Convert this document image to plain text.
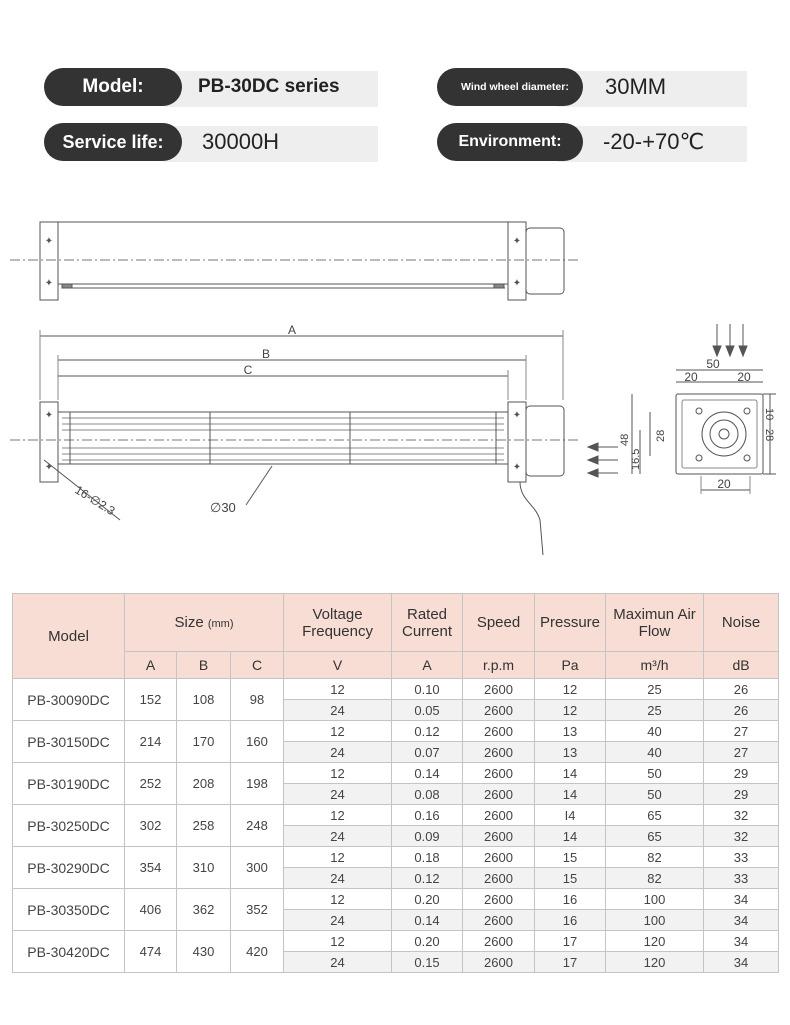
Model:	PB-30DC series	Wind wheel diameter:	30MM
Service life:	30000H	Environment:	-20-+70℃
✦
✦
✦
✦
A
B
C
✦
✦
✦
✦
16-∅2.3	∅30
50
20	20
10
28
48 28
16.5
20
Model	Size (mm)			Voltage Frequency	Rated Current	Speed	Pressure	Maximun Air Flow	Noise
	A	B	C	V	A	r.p.m	Pa	m³/h	dB
PB-30090DC	152	108	98	12	0.10	2600	12	25	26
				24	0.05	2600	12	25	26
PB-30150DC	214	170	160	12	0.12	2600	13	40	27
				24	0.07	2600	13	40	27
PB-30190DC	252	208	198	12	0.14	2600	14	50	29
				24	0.08	2600	14	50	29
PB-30250DC	302	258	248	12	0.16	2600	I4	65	32
				24	0.09	2600	14	65	32
PB-30290DC	354	310	300	12	0.18	2600	15	82	33
				24	0.12	2600	15	82	33
PB-30350DC	406	362	352	12	0.20	2600	16	100	34
				24	0.14	2600	16	100	34
PB-30420DC	474	430	420	12	0.20	2600	17	120	34
				24	0.15	2600	17	120	34
